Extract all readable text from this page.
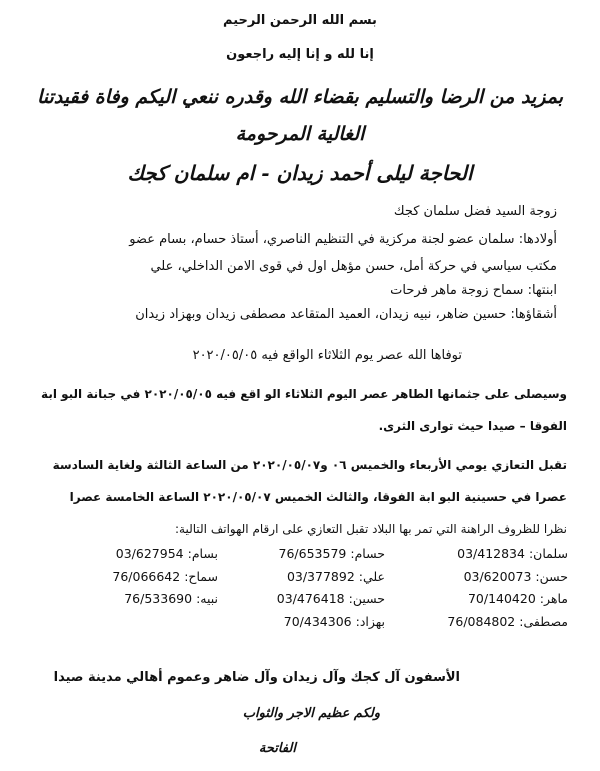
بسم الله الرحمن الرحيم
إنا لله و إنا إليه راجعون
بمزيد من الرضا والتسليم بقضاء الله وقدره ننعي اليكم وفاة فقيدتنا
الغالية المرحومة
الحاجة ليلى أحمد زيدان - ام سلمان كجك
زوجة السيد فضل سلمان كجك
أولادها: سلمان عضو لجنة مركزية في التنظيم الناصري، أستاذ حسام، بسام عضو
مكتب سياسي في حركة أمل، حسن مؤهل اول في قوى الامن الداخلي، علي
ابنتها: سماح زوجة ماهر فرحات
أشقاؤها: حسين ضاهر، نبيه زيدان، العميد المتقاعد مصطفى زيدان وبهزاد زيدان
توفاها الله عصر يوم الثلاثاء الواقع فيه ٢٠٢٠/٠٥/٠٥
وسيصلى على جثمانها الطاهر عصر اليوم الثلاثاء الو اقع فيه ٢٠٢٠/٠٥/٠٥ في جبانة البو ابة
الفوقا – صيدا حيث توارى الثرى.
تقبل التعازي يومي الأربعاء والخميس ٠٦ و٢٠٢٠/٠٥/٠٧ من الساعة الثالثة ولغاية السادسة
عصرا في حسينية البو ابة الفوقا، والثالث الخميس ٢٠٢٠/٠٥/٠٧ الساعة الخامسة عصرا
نظرا للظروف الراهنة التي تمر بها البلاد تقبل التعازي على ارقام الهواتف التالية:
سلمان: 03/412834
حسام: 76/653579
بسام: 03/627954
حسن: 03/620073
علي: 03/377892
سماح: 76/066642
ماهر: 70/140420
حسين: 03/476418
نبيه: 76/533690
مصطفى: 76/084802
بهزاد: 70/434306
الأسفون آل كجك وآل زيدان وآل ضاهر وعموم أهالي مدينة صيدا
ولكم عظيم الاجر والثواب
الفاتحة
